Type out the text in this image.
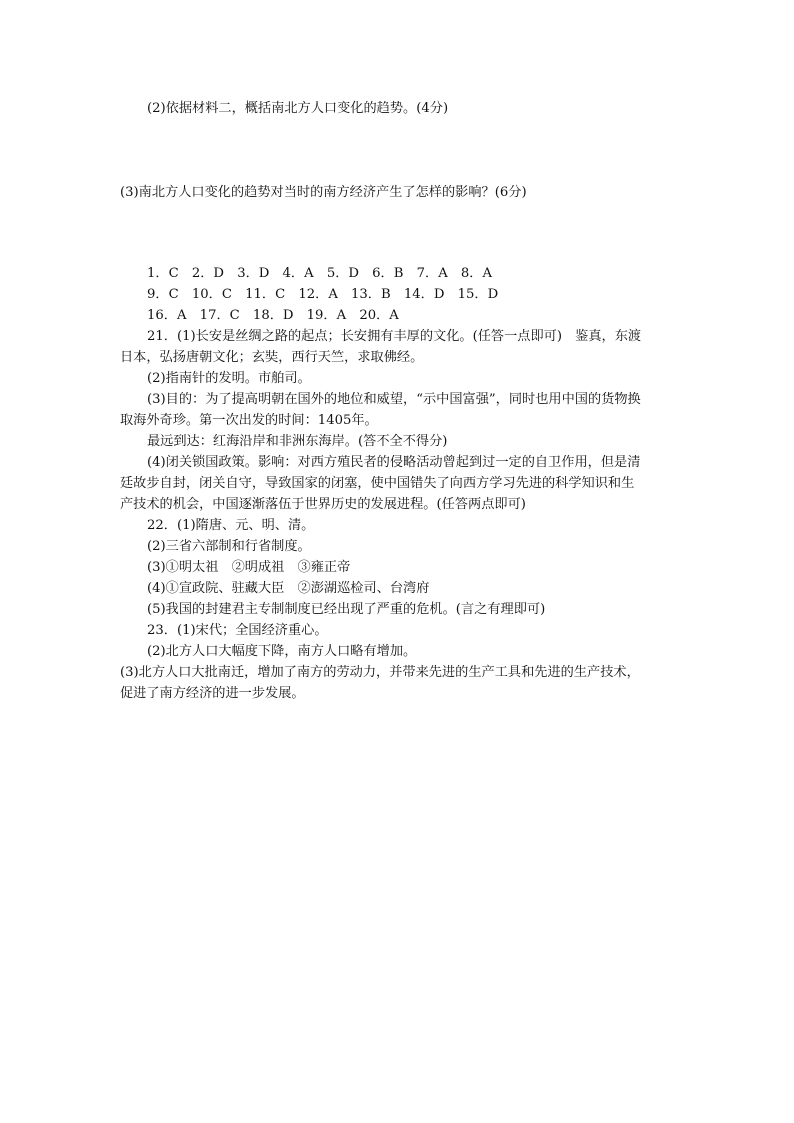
(2)依据材料二，概括南北方人口变化的趋势。(4分)
(3)南北方人口变化的趋势对当时的南方经济产生了怎样的影响？(6分)
1．C　2．D　3．D　4．A　5．D　6．B　7．A　8．A
9．C　10．C　11．C　12．A　13．B　14．D　15．D
16．A　17．C　18．D　19．A　20．A
21．(1)长安是丝绸之路的起点；长安拥有丰厚的文化。(任答一点即可)　鉴真，东渡
日本，弘扬唐朝文化；玄奘，西行天竺，求取佛经。
(2)指南针的发明。市舶司。
(3)目的：为了提高明朝在国外的地位和威望，“示中国富强”，同时也用中国的货物换
取海外奇珍。第一次出发的时间：1405年。
最远到达：红海沿岸和非洲东海岸。(答不全不得分)
(4)闭关锁国政策。影响：对西方殖民者的侵略活动曾起到过一定的自卫作用，但是清
廷故步自封，闭关自守，导致国家的闭塞，使中国错失了向西方学习先进的科学知识和生
产技术的机会，中国逐渐落伍于世界历史的发展进程。(任答两点即可)
22．(1)隋唐、元、明、清。
(2)三省六部制和行省制度。
(3)①明太祖　②明成祖　③雍正帝
(4)①宣政院、驻藏大臣　②澎湖巡检司、台湾府
(5)我国的封建君主专制制度已经出现了严重的危机。(言之有理即可)
23．(1)宋代；全国经济重心。
(2)北方人口大幅度下降，南方人口略有增加。
(3)北方人口大批南迁，增加了南方的劳动力，并带来先进的生产工具和先进的生产技术，
促进了南方经济的进一步发展。
